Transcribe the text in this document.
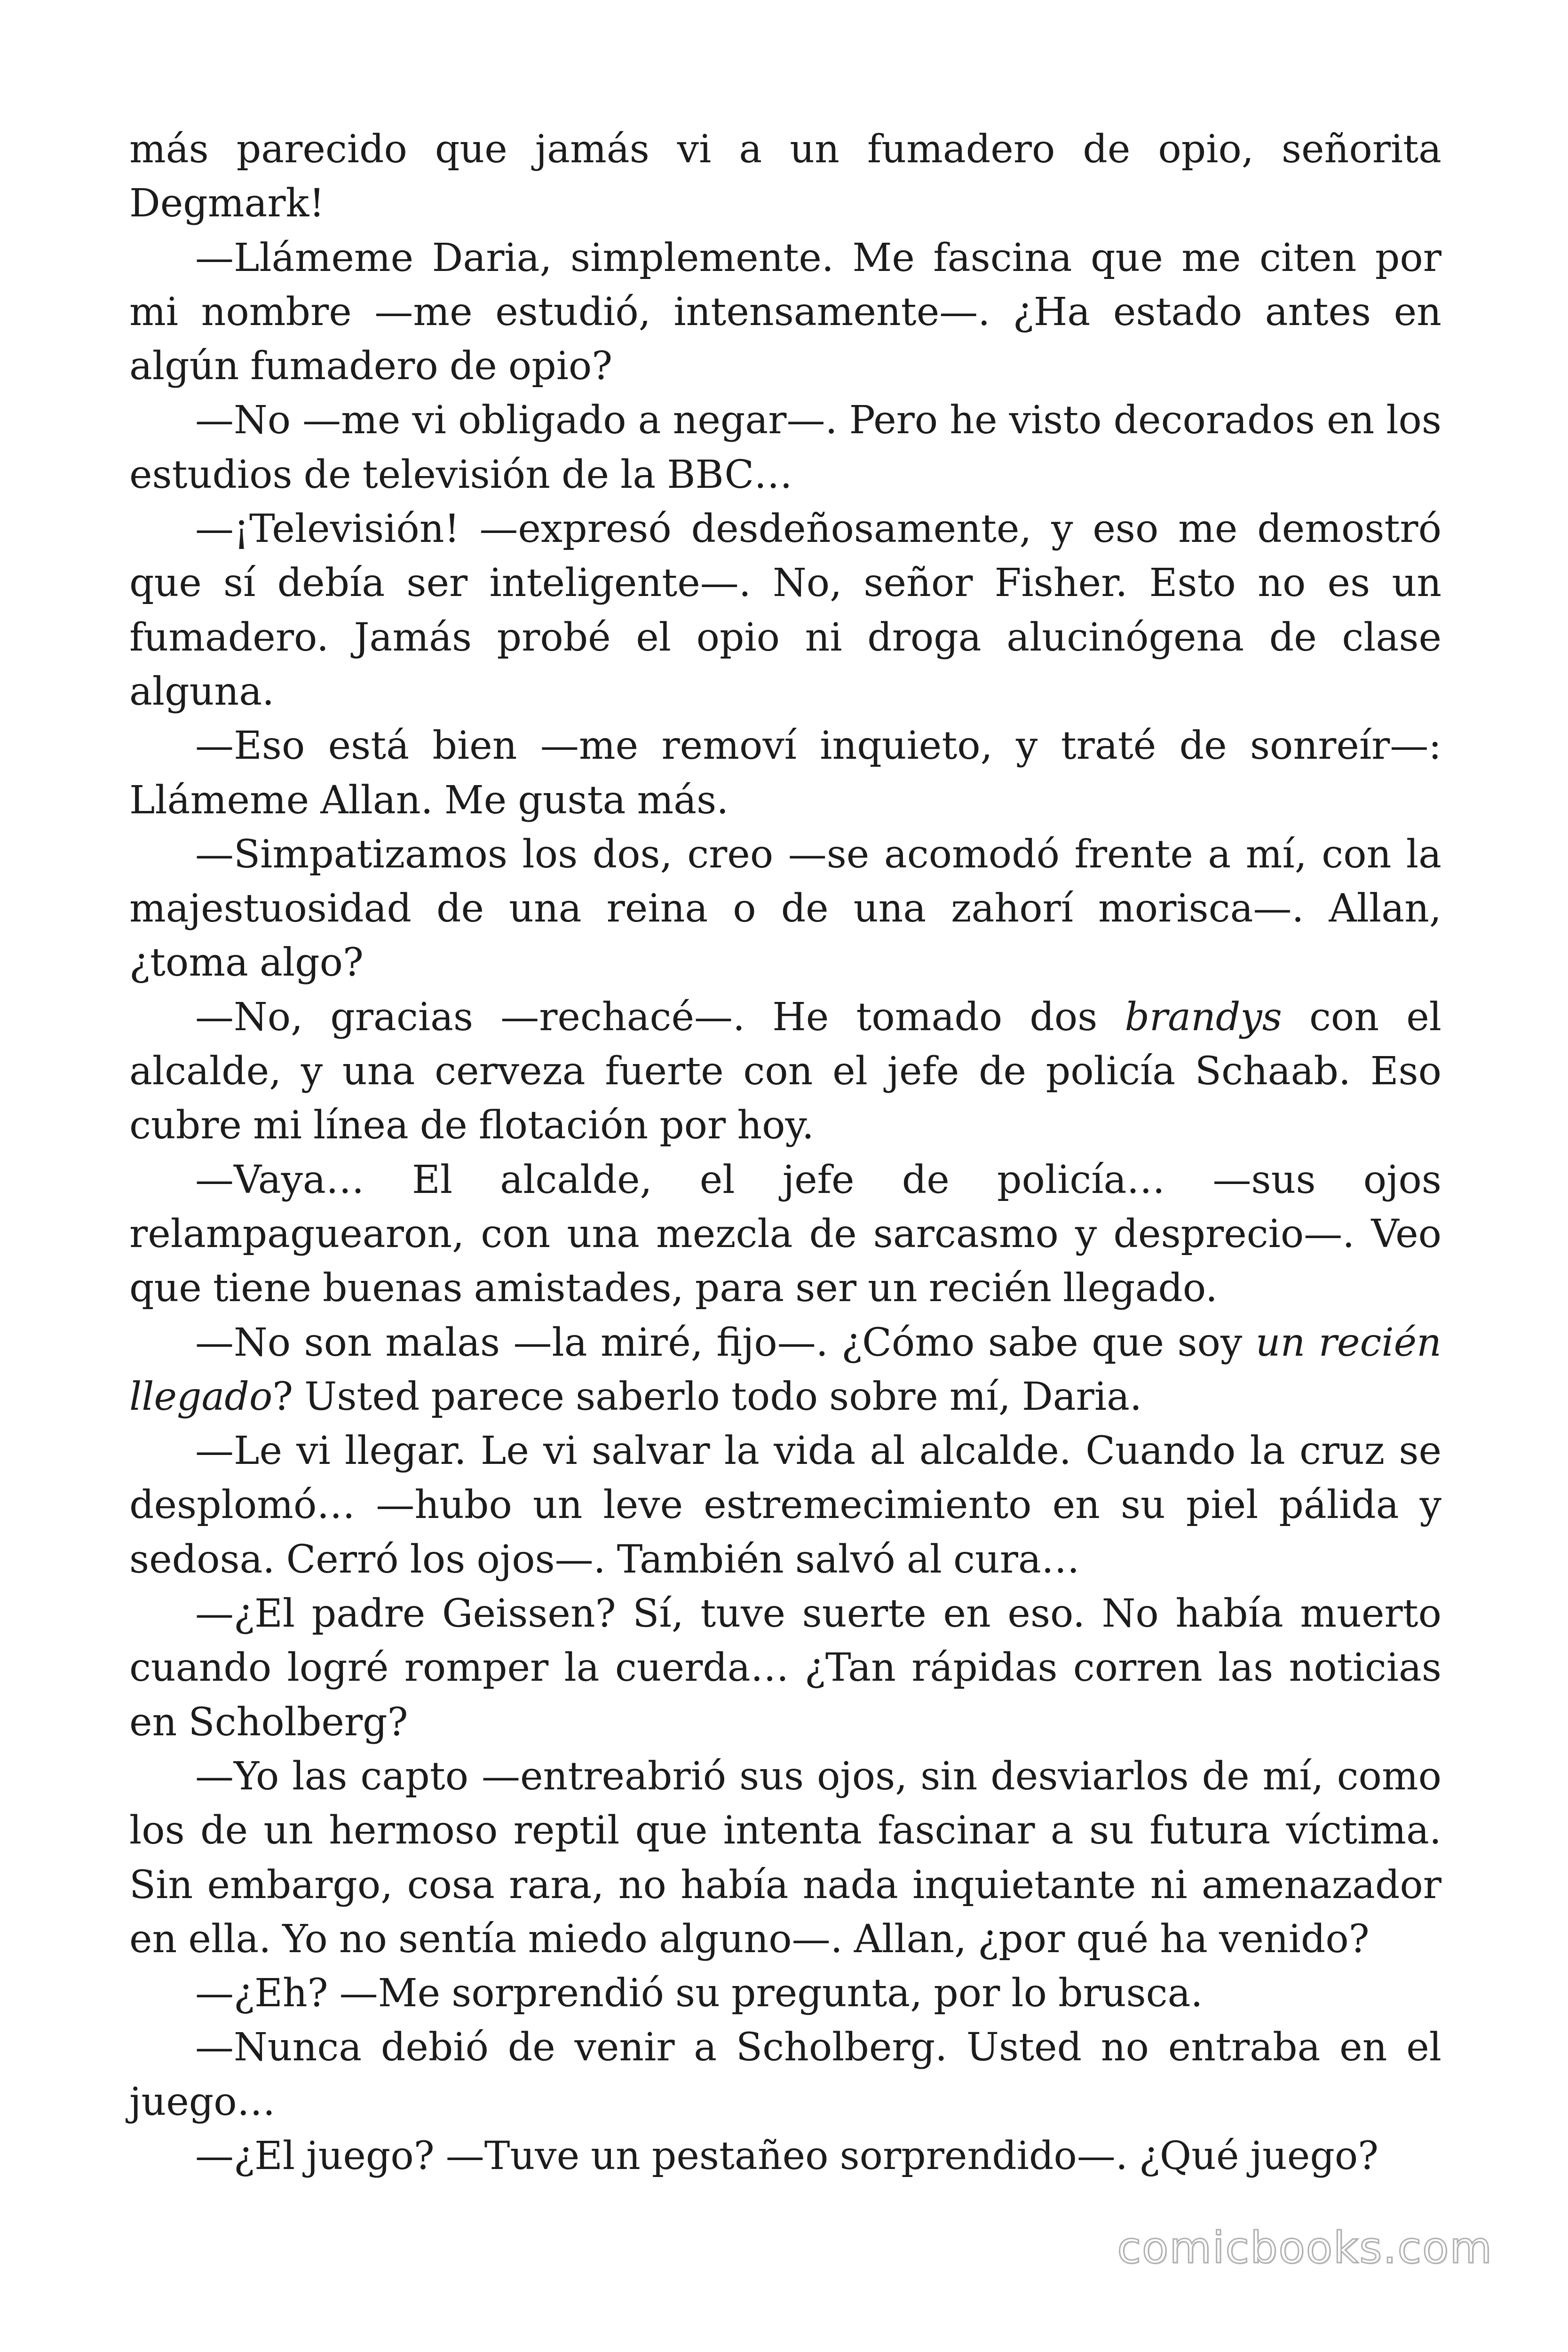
más parecido que jamás vi a un fumadero de opio, señorita Degmark!

—Llámeme Daria, simplemente. Me fascina que me citen por mi nombre —me estudió, intensamente—. ¿Ha estado antes en algún fumadero de opio?

—No —me vi obligado a negar—. Pero he visto decorados en los estudios de televisión de la BBC…

—¡Televisión! —expresó desdeñosamente, y eso me demostró que sí debía ser inteligente—. No, señor Fisher. Esto no es un fumadero. Jamás probé el opio ni droga alucinógena de clase alguna.

—Eso está bien —me removí inquieto, y traté de sonreír—: Llámeme Allan. Me gusta más.

—Simpatizamos los dos, creo —se acomodó frente a mí, con la majestuosidad de una reina o de una zahorí morisca—. Allan, ¿toma algo?

—No, gracias —rechacé—. He tomado dos brandys con el alcalde, y una cerveza fuerte con el jefe de policía Schaab. Eso cubre mi línea de flotación por hoy.

—Vaya… El alcalde, el jefe de policía… —sus ojos relampaguearon, con una mezcla de sarcasmo y desprecio—. Veo que tiene buenas amistades, para ser un recién llegado.

—No son malas —la miré, fijo—. ¿Cómo sabe que soy un recién llegado? Usted parece saberlo todo sobre mí, Daria.

—Le vi llegar. Le vi salvar la vida al alcalde. Cuando la cruz se desplomó… —hubo un leve estremecimiento en su piel pálida y sedosa. Cerró los ojos—. También salvó al cura…

—¿El padre Geissen? Sí, tuve suerte en eso. No había muerto cuando logré romper la cuerda… ¿Tan rápidas corren las noticias en Scholberg?

—Yo las capto —entreabrió sus ojos, sin desviarlos de mí, como los de un hermoso reptil que intenta fascinar a su futura víctima. Sin embargo, cosa rara, no había nada inquietante ni amenazador en ella. Yo no sentía miedo alguno—. Allan, ¿por qué ha venido?

—¿Eh? —Me sorprendió su pregunta, por lo brusca.

—Nunca debió de venir a Scholberg. Usted no entraba en el juego…

—¿El juego? —Tuve un pestañeo sorprendido—. ¿Qué juego?

comicbooks.com
